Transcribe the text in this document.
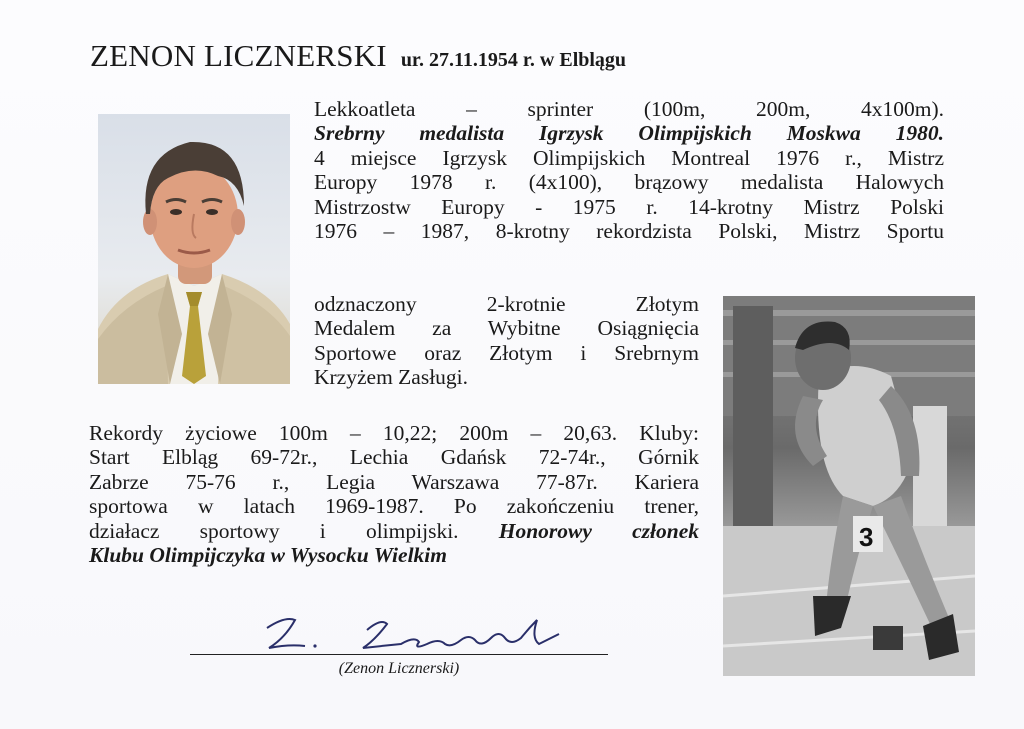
ZENON LICZNERSKI ur. 27.11.1954 r. w Elblągu
3
Lekkoatleta – sprinter (100m, 200m, 4x100m).
Srebrny medalista Igrzysk Olimpijskich Moskwa 1980.
4 miejsce Igrzysk Olimpijskich Montreal 1976 r., Mistrz
Europy 1978 r. (4x100), brązowy medalista Halowych
Mistrzostw Europy - 1975 r. 14-krotny Mistrz Polski
1976 – 1987, 8-krotny rekordzista Polski, Mistrz Sportu
odznaczony 2-krotnie Złotym
Medalem za Wybitne Osiągnięcia
Sportowe oraz Złotym i Srebrnym
Krzyżem Zasługi.
Rekordy życiowe 100m – 10,22; 200m – 20,63. Kluby:
Start Elbląg 69-72r., Lechia Gdańsk 72-74r., Górnik
Zabrze 75-76 r., Legia Warszawa 77-87r. Kariera
sportowa w latach 1969-1987. Po zakończeniu trener,
działacz sportowy i olimpijski. Honorowy członek
Klubu Olimpijczyka w Wysocku Wielkim
(Zenon Licznerski)
